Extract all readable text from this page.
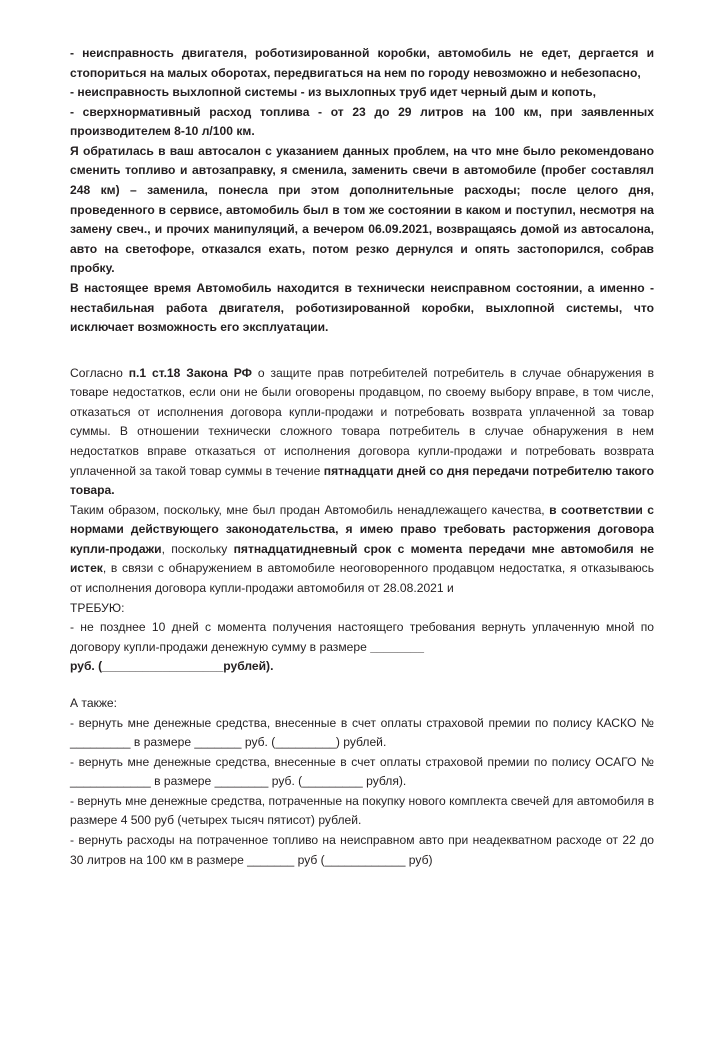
- неисправность двигателя, роботизированной коробки, автомобиль не едет, дергается и стопориться на малых оборотах, передвигаться на нем по городу невозможно и небезопасно,

- неисправность выхлопной системы - из выхлопных труб идет черный дым и копоть,

- сверхнормативный расход топлива - от 23 до 29 литров на 100 км, при заявленных производителем 8-10 л/100 км.

Я обратилась в ваш автосалон с указанием данных проблем, на что мне было рекомендовано сменить топливо и автозаправку, я сменила, заменить свечи в автомобиле (пробег составлял 248 км) – заменила, понесла при этом дополнительные расходы; после целого дня, проведенного в сервисе, автомобиль был в том же состоянии в каком и поступил, несмотря на замену свеч., и прочих манипуляций, а вечером 06.09.2021, возвращаясь домой из автосалона, авто на светофоре, отказался ехать, потом резко дернулся и опять застопорился, собрав пробку.

В настоящее время Автомобиль находится в технически неисправном состоянии, а именно - нестабильная работа двигателя, роботизированной коробки, выхлопной системы, что исключает возможность его эксплуатации.

Согласно п.1 ст.18 Закона РФ о защите прав потребителей потребитель в случае обнаружения в товаре недостатков, если они не были оговорены продавцом, по своему выбору вправе, в том числе, отказаться от исполнения договора купли-продажи и потребовать возврата уплаченной за товар суммы. В отношении технически сложного товара потребитель в случае обнаружения в нем недостатков вправе отказаться от исполнения договора купли-продажи и потребовать возврата уплаченной за такой товар суммы в течение пятнадцати дней со дня передачи потребителю такого товара.

Таким образом, поскольку, мне был продан Автомобиль ненадлежащего качества, в соответствии с нормами действующего законодательства, я имею право требовать расторжения договора купли-продажи, поскольку пятнадцатидневный срок с момента передачи мне автомобиля не истек, в связи с обнаружением в автомобиле неоговоренного продавцом недостатка, я отказываюсь от исполнения договора купли-продажи автомобиля от 28.08.2021 и

ТРЕБУЮ:

- не позднее 10 дней с момента получения настоящего требования вернуть уплаченную мной по договору купли-продажи денежную сумму в размере ________
руб. (__________________рублей).

А также:

- вернуть мне денежные средства, внесенные в счет оплаты страховой премии по полису КАСКО № _________ в размере _______ руб. (_________) рублей.

- вернуть мне денежные средства, внесенные в счет оплаты страховой премии по полису ОСАГО № ____________ в размере ________ руб. (_________ рубля).

- вернуть мне денежные средства, потраченные на покупку нового комплекта свечей для автомобиля в размере 4 500 руб (четырех тысяч пятисот) рублей.

- вернуть расходы на потраченное топливо на неисправном авто при неадекватном расходе от 22 до 30 литров на 100 км в размере _______ руб (____________ руб)
